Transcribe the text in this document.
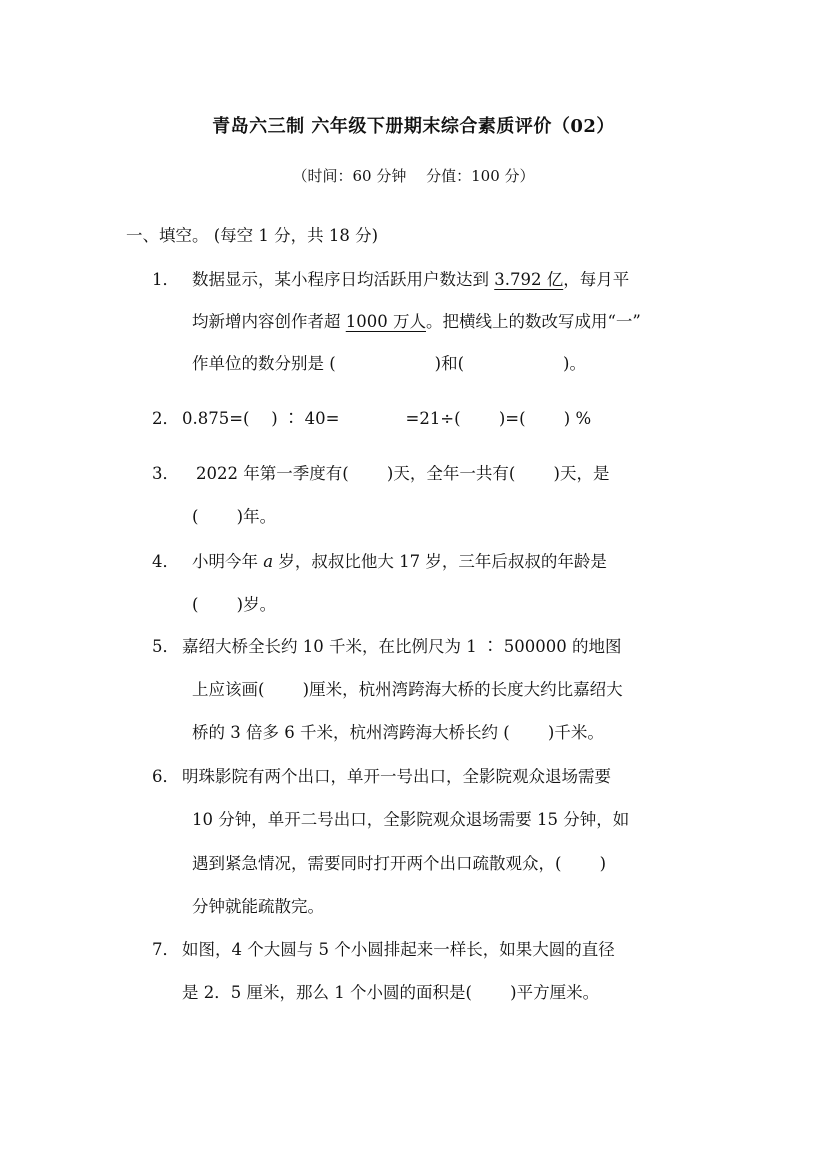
青岛六三制 六年级下册期末综合素质评价（02）
（时间：60 分钟　 分值：100 分）
一、填空。 (每空 1 分，共 18 分)
1． 数据显示，某小程序日均活跃用户数达到 3.792 亿，每月平
均新增内容创作者超 1000 万人。把横线上的数改写成用“一”
作单位的数分别是 (　　　　　　)和(　　　　　　)。
2． 0.875=(　 ) ∶ 40=　　　　=21÷(　　 )=(　　 ) %
3． 2022 年第一季度有(　　 )天，全年一共有(　　 )天，是
(　　 )年。
4． 小明今年 a 岁，叔叔比他大 17 岁，三年后叔叔的年龄是
(　　 )岁。
5． 嘉绍大桥全长约 10 千米，在比例尺为 1 ∶ 500000 的地图
上应该画(　　 )厘米，杭州湾跨海大桥的长度大约比嘉绍大
桥的 3 倍多 6 千米，杭州湾跨海大桥长约 (　　 )千米。
6． 明珠影院有两个出口，单开一号出口，全影院观众退场需要
10 分钟，单开二号出口，全影院观众退场需要 15 分钟，如
遇到紧急情况，需要同时打开两个出口疏散观众，(　　 )
分钟就能疏散完。
7． 如图，4 个大圆与 5 个小圆排起来一样长，如果大圆的直径
是 2．5 厘米，那么 1 个小圆的面积是(　　 )平方厘米。
